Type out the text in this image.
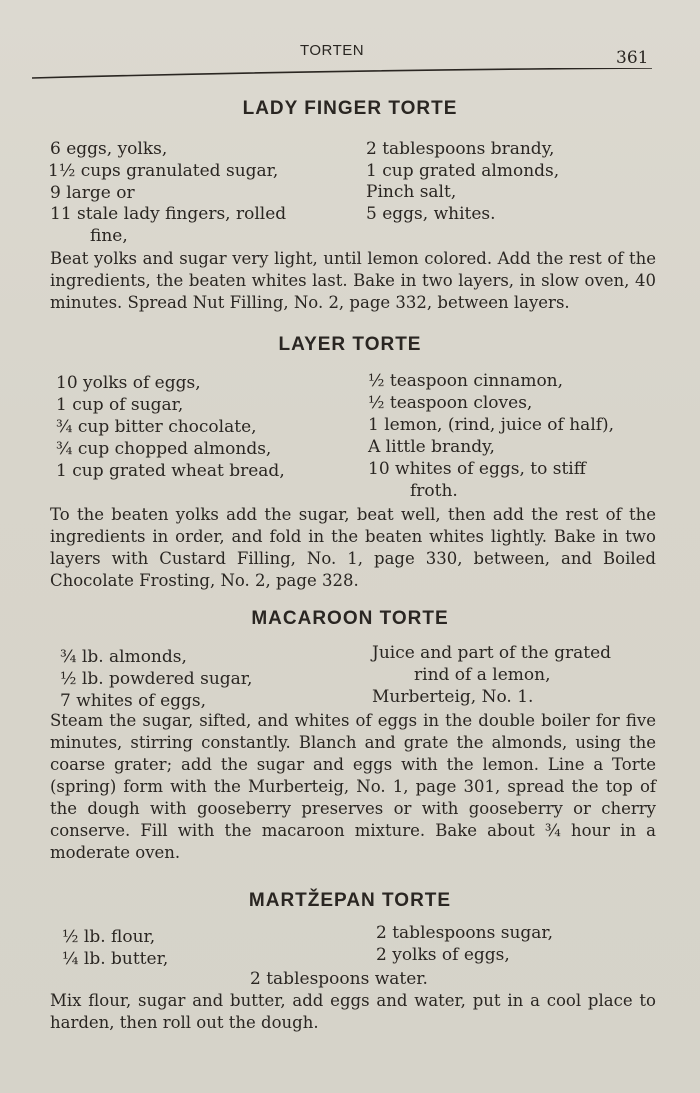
TORTEN	361
LADY FINGER TORTE
6 eggs, yolks,
1½ cups granulated sugar,
9 large or
11 stale lady fingers, rolled
fine,
2 tablespoons brandy,
1 cup grated almonds,
Pinch salt,
5 eggs, whites.
Beat yolks and sugar very light, until lemon colored. Add the rest of the ingredients, the beaten whites last. Bake in two layers, in slow oven, 40 minutes. Spread Nut Filling, No. 2, page 332, between layers.
LAYER TORTE
10 yolks of eggs,
1 cup of sugar,
¾ cup bitter chocolate,
¾ cup chopped almonds,
1 cup grated wheat bread,
½ teaspoon cinnamon,
½ teaspoon cloves,
1 lemon, (rind, juice of half),
A little brandy,
10 whites of eggs, to stiff
froth.
To the beaten yolks add the sugar, beat well, then add the rest of the ingredients in order, and fold in the beaten whites lightly. Bake in two layers with Custard Filling, No. 1, page 330, between, and Boiled Chocolate Frosting, No. 2, page 328.
MACAROON TORTE
¾ lb. almonds,
½ lb. powdered sugar,
7 whites of eggs,
Juice and part of the grated
rind of a lemon,
Murberteig, No. 1.
Steam the sugar, sifted, and whites of eggs in the double boiler for five minutes, stirring constantly. Blanch and grate the almonds, using the coarse grater; add the sugar and eggs with the lemon. Line a Torte (spring) form with the Murberteig, No. 1, page 301, spread the top of the dough with gooseberry preserves or with gooseberry or cherry conserve. Fill with the macaroon mixture. Bake about ¾ hour in a moderate oven.
MARTŽEPAN TORTE
½ lb. flour,
¼ lb. butter,
2 tablespoons sugar,
2 yolks of eggs,
2 tablespoons water.
Mix flour, sugar and butter, add eggs and water, put in a cool place to harden, then roll out the dough.
